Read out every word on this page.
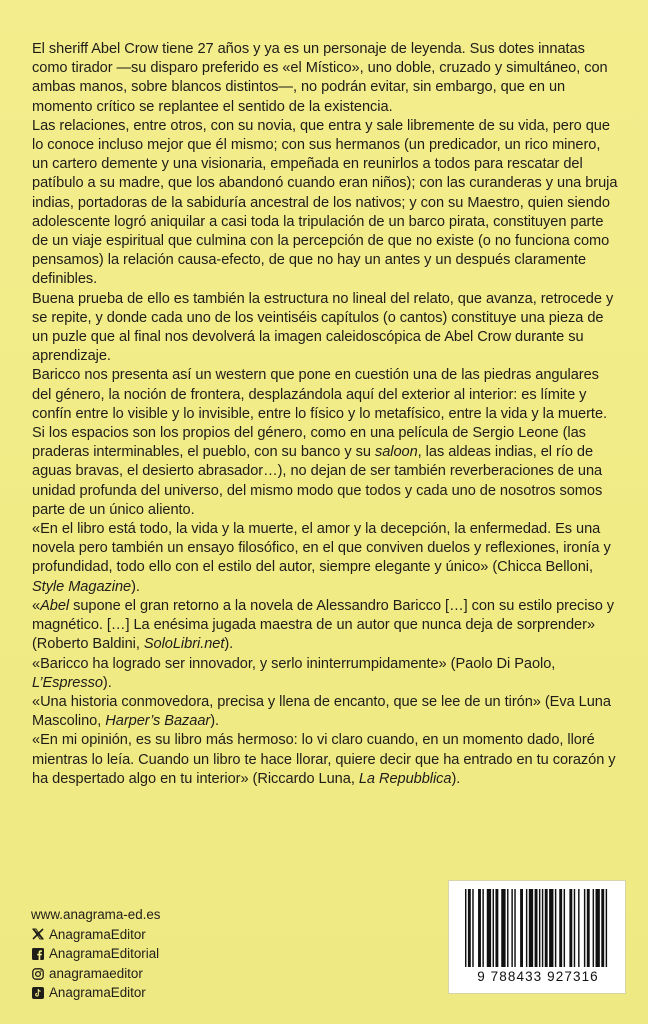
El sheriff Abel Crow tiene 27 años y ya es un personaje de leyenda. Sus dotes innatas como tirador —su disparo preferido es «el Místico», uno doble, cruzado y simultáneo, con ambas manos, sobre blancos distintos—, no podrán evitar, sin embargo, que en un momento crítico se replantee el sentido de la existencia.

Las relaciones, entre otros, con su novia, que entra y sale libremente de su vida, pero que lo conoce incluso mejor que él mismo; con sus hermanos (un predicador, un rico minero, un cartero demente y una visionaria, empeñada en reunirlos a todos para rescatar del patíbulo a su madre, que los abandonó cuando eran niños); con las curanderas y una bruja indias, portadoras de la sabiduría ancestral de los nativos; y con su Maestro, quien siendo adolescente logró aniquilar a casi toda la tripulación de un barco pirata, constituyen parte de un viaje espiritual que culmina con la percepción de que no existe (o no funciona como pensamos) la relación causa-efecto, de que no hay un antes y un después claramente definibles.

Buena prueba de ello es también la estructura no lineal del relato, que avanza, retrocede y se repite, y donde cada uno de los veintiséis capítulos (o cantos) constituye una pieza de un puzle que al final nos devolverá la imagen caleidoscópica de Abel Crow durante su aprendizaje.

Baricco nos presenta así un western que pone en cuestión una de las piedras angulares del género, la noción de frontera, desplazándola aquí del exterior al interior: es límite y confín entre lo visible y lo invisible, entre lo físico y lo metafísico, entre la vida y la muerte. Si los espacios son los propios del género, como en una película de Sergio Leone (las praderas interminables, el pueblo, con su banco y su saloon, las aldeas indias, el río de aguas bravas, el desierto abrasador…), no dejan de ser también reverberaciones de una unidad profunda del universo, del mismo modo que todos y cada uno de nosotros somos parte de un único aliento.

«En el libro está todo, la vida y la muerte, el amor y la decepción, la enfermedad. Es una novela pero también un ensayo filosófico, en el que conviven duelos y reflexiones, ironía y profundidad, todo ello con el estilo del autor, siempre elegante y único» (Chicca Belloni, Style Magazine).

«Abel supone el gran retorno a la novela de Alessandro Baricco […] con su estilo preciso y magnético. […] La enésima jugada maestra de un autor que nunca deja de sorprender» (Roberto Baldini, SoloLibri.net).

«Baricco ha logrado ser innovador, y serlo ininterrumpidamente» (Paolo Di Paolo, L’Espresso).

«Una historia conmovedora, precisa y llena de encanto, que se lee de un tirón» (Eva Luna Mascolino, Harper’s Bazaar).

«En mi opinión, es su libro más hermoso: lo vi claro cuando, en un momento dado, lloré mientras lo leía. Cuando un libro te hace llorar, quiere decir que ha entrado en tu corazón y ha despertado algo en tu interior» (Riccardo Luna, La Repubblica).

www.anagrama-ed.es
AnagramaEditor
AnagramaEditorial
anagramaeditor
AnagramaEditor
9 788433 927316
